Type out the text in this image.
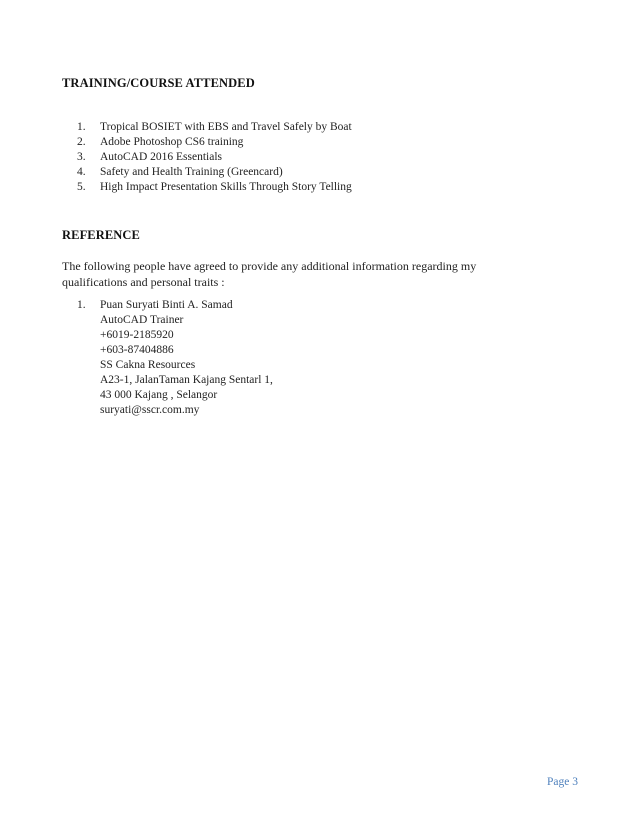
TRAINING/COURSE ATTENDED
1.	Tropical BOSIET with EBS and Travel Safely by Boat
2.	Adobe Photoshop CS6 training
3.	AutoCAD 2016 Essentials
4.	Safety and Health Training (Greencard)
5.	High Impact Presentation Skills Through Story Telling
REFERENCE
The following people have agreed to provide any additional information regarding my
qualifications and personal traits :
1.	Puan Suryati Binti A. Samad
AutoCAD Trainer
+6019-2185920
+603-87404886
SS Cakna Resources
A23-1, JalanTaman Kajang Sentarl 1,
43 000 Kajang , Selangor
suryati@sscr.com.my
Page 3
